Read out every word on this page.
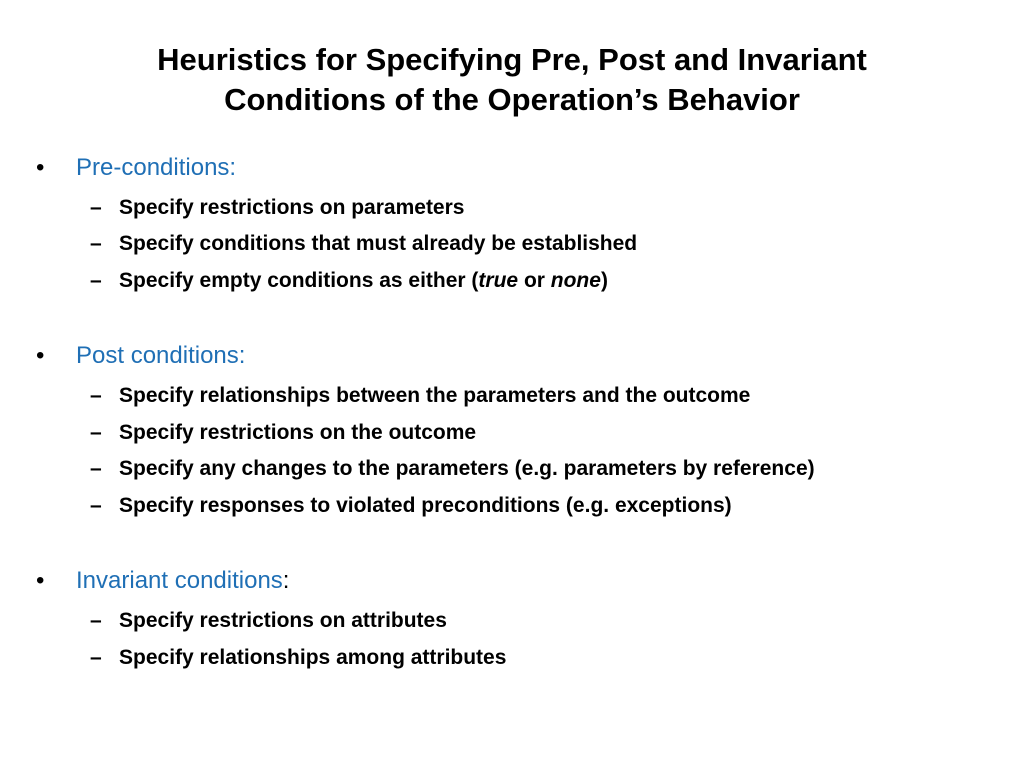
Heuristics for Specifying Pre, Post and Invariant
Conditions of the Operation’s Behavior
•	Pre-conditions:
– Specify restrictions on parameters
– Specify conditions that must already be established
– Specify empty conditions as either (true or none)
•	Post conditions:
– Specify relationships between the parameters and the outcome
– Specify restrictions on the outcome
– Specify any changes to the parameters (e.g. parameters by reference)
– Specify responses to violated preconditions (e.g. exceptions)
•	Invariant conditions:
– Specify restrictions on attributes
– Specify relationships among attributes
